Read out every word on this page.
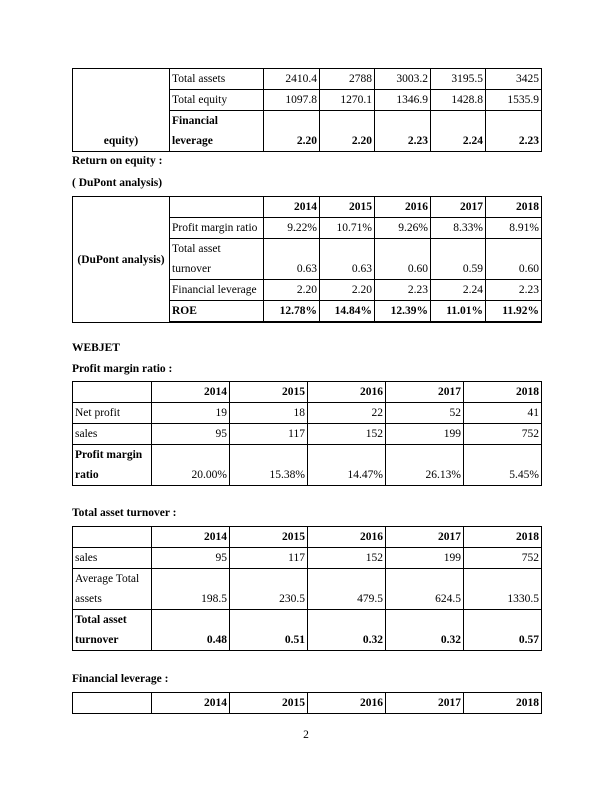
equity)	Total assets	2410.4	2788	3003.2	3195.5	3425
	Total equity	1097.8	1270.1	1346.9	1428.8	1535.9
	Financial
leverage	2.20	2.20	2.23	2.24	2.23
Return on equity :
( DuPont analysis)
(DuPont analysis)		2014	2015	2016	2017	2018
	Profit margin ratio	9.22%	10.71%	9.26%	8.33%	8.91%
	Total asset
turnover	0.63	0.63	0.60	0.59	0.60
	Financial leverage	2.20	2.20	2.23	2.24	2.23
	ROE	12.78%	14.84%	12.39%	11.01%	11.92%

WEBJET
Profit margin ratio :
	2014	2015	2016	2017	2018
Net profit	19	18	22	52	41
sales	95	117	152	199	752
Profit margin
ratio	20.00%	15.38%	14.47%	26.13%	5.45%
Total asset turnover :
	2014	2015	2016	2017	2018
sales	95	117	152	199	752
Average Total
assets	198.5	230.5	479.5	624.5	1330.5
Total asset
turnover	0.48	0.51	0.32	0.32	0.57
Financial leverage :
	2014	2015	2016	2017	2018
2
